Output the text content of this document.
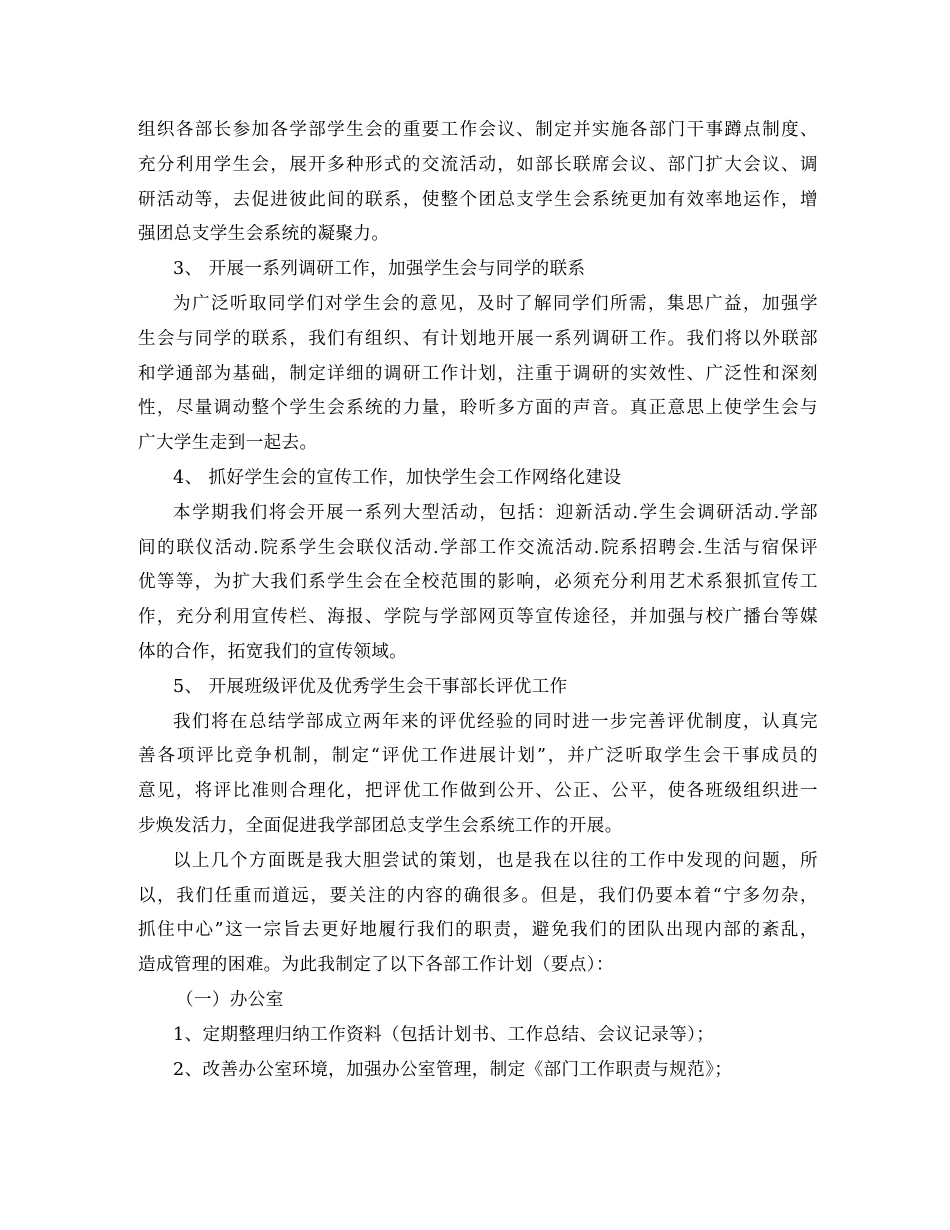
组织各部长参加各学部学生会的重要工作会议、制定并实施各部门干事蹲点制度、
充分利用学生会，展开多种形式的交流活动，如部长联席会议、部门扩大会议、调
研活动等，去促进彼此间的联系，使整个团总支学生会系统更加有效率地运作，增
强团总支学生会系统的凝聚力。
3、 开展一系列调研工作，加强学生会与同学的联系
为广泛听取同学们对学生会的意见，及时了解同学们所需，集思广益，加强学
生会与同学的联系，我们有组织、有计划地开展一系列调研工作。我们将以外联部
和学通部为基础，制定详细的调研工作计划，注重于调研的实效性、广泛性和深刻
性，尽量调动整个学生会系统的力量，聆听多方面的声音。真正意思上使学生会与
广大学生走到一起去。
4、 抓好学生会的宣传工作，加快学生会工作网络化建设
本学期我们将会开展一系列大型活动，包括：迎新活动.学生会调研活动.学部
间的联仪活动.院系学生会联仪活动.学部工作交流活动.院系招聘会.生活与宿保评
优等等，为扩大我们系学生会在全校范围的影响，必须充分利用艺术系狠抓宣传工
作，充分利用宣传栏、海报、学院与学部网页等宣传途径，并加强与校广播台等媒
体的合作，拓宽我们的宣传领域。
5、 开展班级评优及优秀学生会干事部长评优工作
我们将在总结学部成立两年来的评优经验的同时进一步完善评优制度，认真完
善各项评比竞争机制，制定“评优工作进展计划”，并广泛听取学生会干事成员的
意见，将评比准则合理化，把评优工作做到公开、公正、公平，使各班级组织进一
步焕发活力，全面促进我学部团总支学生会系统工作的开展。
以上几个方面既是我大胆尝试的策划，也是我在以往的工作中发现的问题，所
以，我们任重而道远，要关注的内容的确很多。但是，我们仍要本着“宁多勿杂，
抓住中心”这一宗旨去更好地履行我们的职责，避免我们的团队出现内部的紊乱，
造成管理的困难。为此我制定了以下各部工作计划（要点）：
（一）办公室
1、定期整理归纳工作资料（包括计划书、工作总结、会议记录等）；
2、改善办公室环境，加强办公室管理，制定《部门工作职责与规范》；
